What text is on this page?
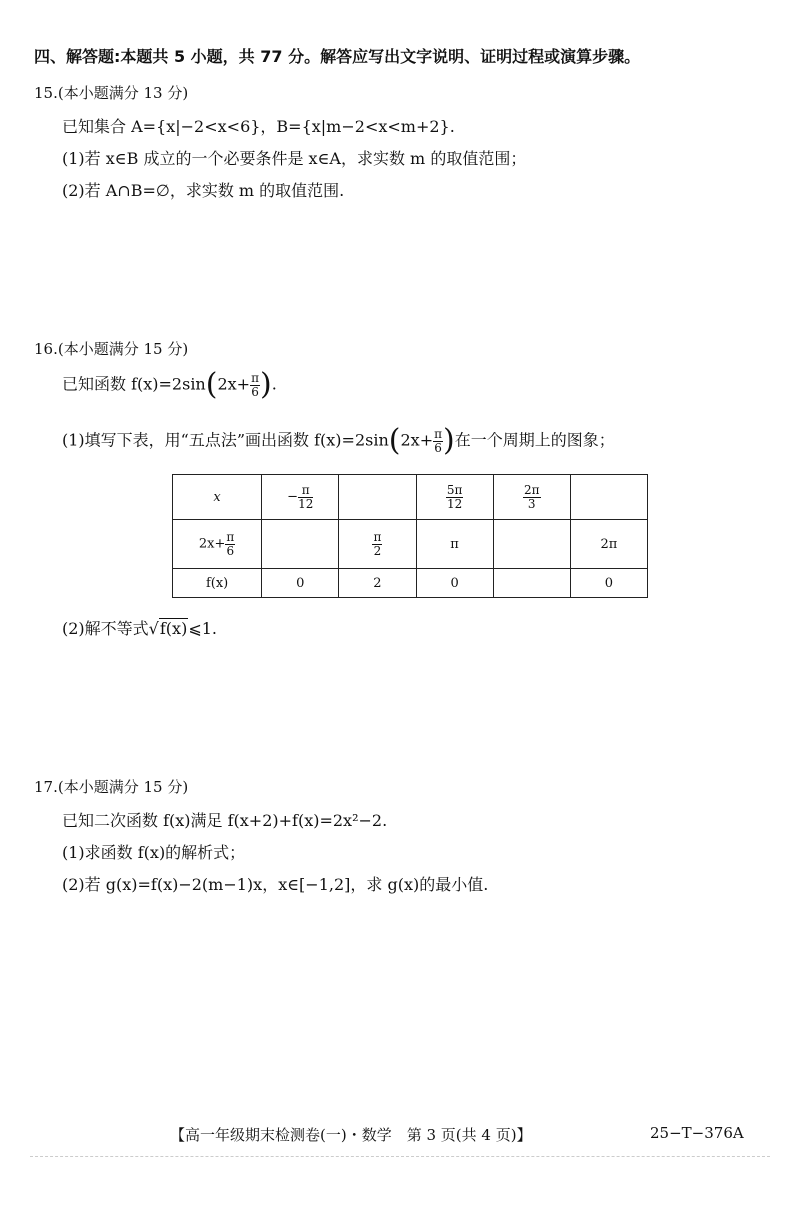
四、解答题:本题共 5 小题，共 77 分。解答应写出文字说明、证明过程或演算步骤。
15.(本小题满分 13 分)
已知集合 A={x|−2<x<6}，B={x|m−2<x<m+2}.
(1)若 x∈B 成立的一个必要条件是 x∈A，求实数 m 的取值范围；
(2)若 A∩B=∅，求实数 m 的取值范围.
16.(本小题满分 15 分)
已知函数 $f(x)=2\sin(2x+ \frac{\pi}{6}$ ).
(1)填写下表，用“五点法”画出函数 $f(x)=2\sin(2x+ \frac{\pi}{6}$ )在一个周期上的图象；
x	− $\frac{\pi}{12}$		$\frac{5\pi}{12}$	$\frac{2\pi}{3}$

$2x+ \frac{\pi}{6}$		$\frac{\pi}{2}$	π		2π
f(x)	0	2	0		0
(2)解不等式√f(x)⩽1.
17.(本小题满分 15 分)
已知二次函数 f(x)满足 f(x+2)+f(x)=2x²−2.
(1)求函数 f(x)的解析式；
(2)若 g(x)=f(x)−2(m−1)x，x∈[−1,2]，求 g(x)的最小值.
【高一年级期末检测卷(一)・数学　第 3 页(共 4 页)】	25−T−376A
